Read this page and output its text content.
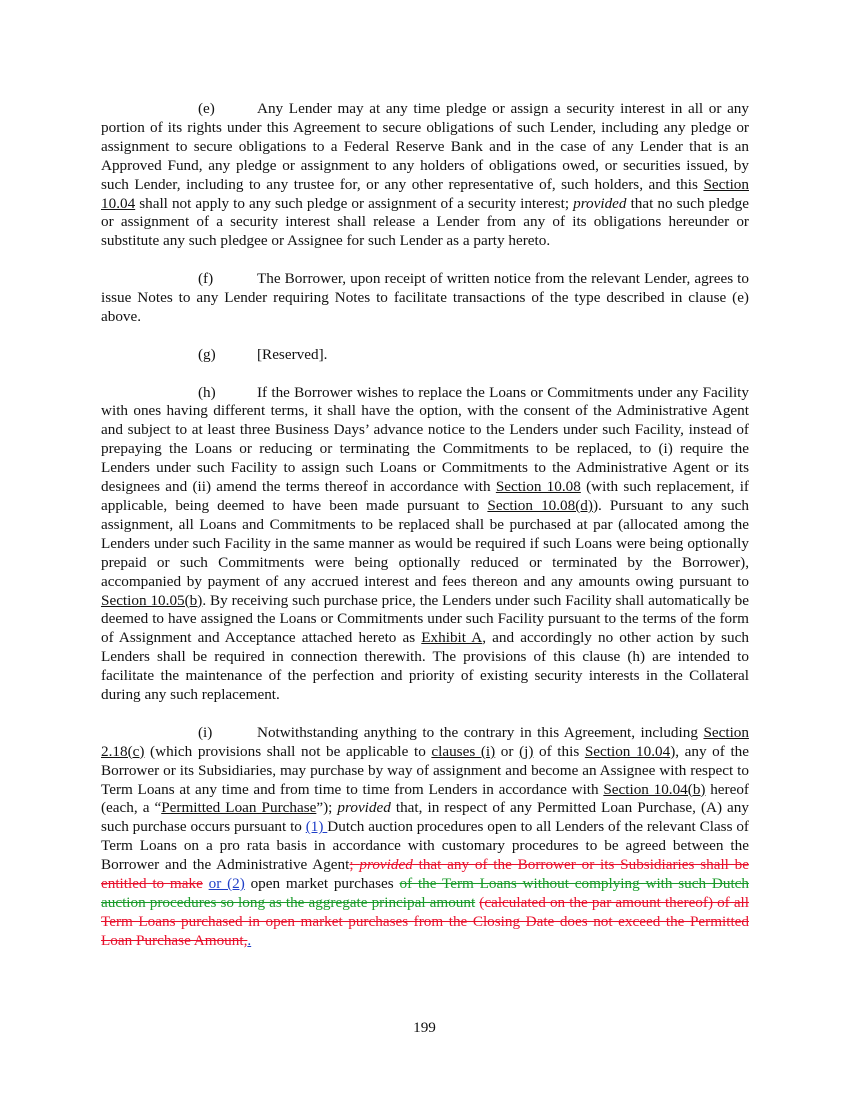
(e)	Any Lender may at any time pledge or assign a security interest in all or any portion of its rights under this Agreement to secure obligations of such Lender, including any pledge or assignment to secure obligations to a Federal Reserve Bank and in the case of any Lender that is an Approved Fund, any pledge or assignment to any holders of obligations owed, or securities issued, by such Lender, including to any trustee for, or any other representative of, such holders, and this Section 10.04 shall not apply to any such pledge or assignment of a security interest; provided that no such pledge or assignment of a security interest shall release a Lender from any of its obligations hereunder or substitute any such pledgee or Assignee for such Lender as a party hereto.

(f)	The Borrower, upon receipt of written notice from the relevant Lender, agrees to issue Notes to any Lender requiring Notes to facilitate transactions of the type described in clause (e) above.

(g)	[Reserved].

(h)	If the Borrower wishes to replace the Loans or Commitments under any Facility with ones having different terms, it shall have the option, with the consent of the Administrative Agent and subject to at least three Business Days’ advance notice to the Lenders under such Facility, instead of prepaying the Loans or reducing or terminating the Commitments to be replaced, to (i) require the Lenders under such Facility to assign such Loans or Commitments to the Administrative Agent or its designees and (ii) amend the terms thereof in accordance with Section 10.08 (with such replacement, if applicable, being deemed to have been made pursuant to Section 10.08(d)). Pursuant to any such assignment, all Loans and Commitments to be replaced shall be purchased at par (allocated among the Lenders under such Facility in the same manner as would be required if such Loans were being optionally prepaid or such Commitments were being optionally reduced or terminated by the Borrower), accompanied by payment of any accrued interest and fees thereon and any amounts owing pursuant to Section 10.05(b). By receiving such purchase price, the Lenders under such Facility shall automatically be deemed to have assigned the Loans or Commitments under such Facility pursuant to the terms of the form of Assignment and Acceptance attached hereto as Exhibit A, and accordingly no other action by such Lenders shall be required in connection therewith. The provisions of this clause (h) are intended to facilitate the maintenance of the perfection and priority of existing security interests in the Collateral during any such replacement.

(i)	Notwithstanding anything to the contrary in this Agreement, including Section 2.18(c) (which provisions shall not be applicable to clauses (i) or (j) of this Section 10.04), any of the Borrower or its Subsidiaries, may purchase by way of assignment and become an Assignee with respect to Term Loans at any time and from time to time from Lenders in accordance with Section 10.04(b) hereof (each, a “Permitted Loan Purchase”); provided that, in respect of any Permitted Loan Purchase, (A) any such purchase occurs pursuant to (1) Dutch auction procedures open to all Lenders of the relevant Class of Term Loans on a pro rata basis in accordance with customary procedures to be agreed between the Borrower and the Administrative Agent; provided that any of the Borrower or its Subsidiaries shall be entitled to make or (2) open market purchases of the Term Loans without complying with such Dutch auction procedures so long as the aggregate principal amount (calculated on the par amount thereof) of all Term Loans purchased in open market purchases from the Closing Date does not exceed the Permitted Loan Purchase Amount,.

199
